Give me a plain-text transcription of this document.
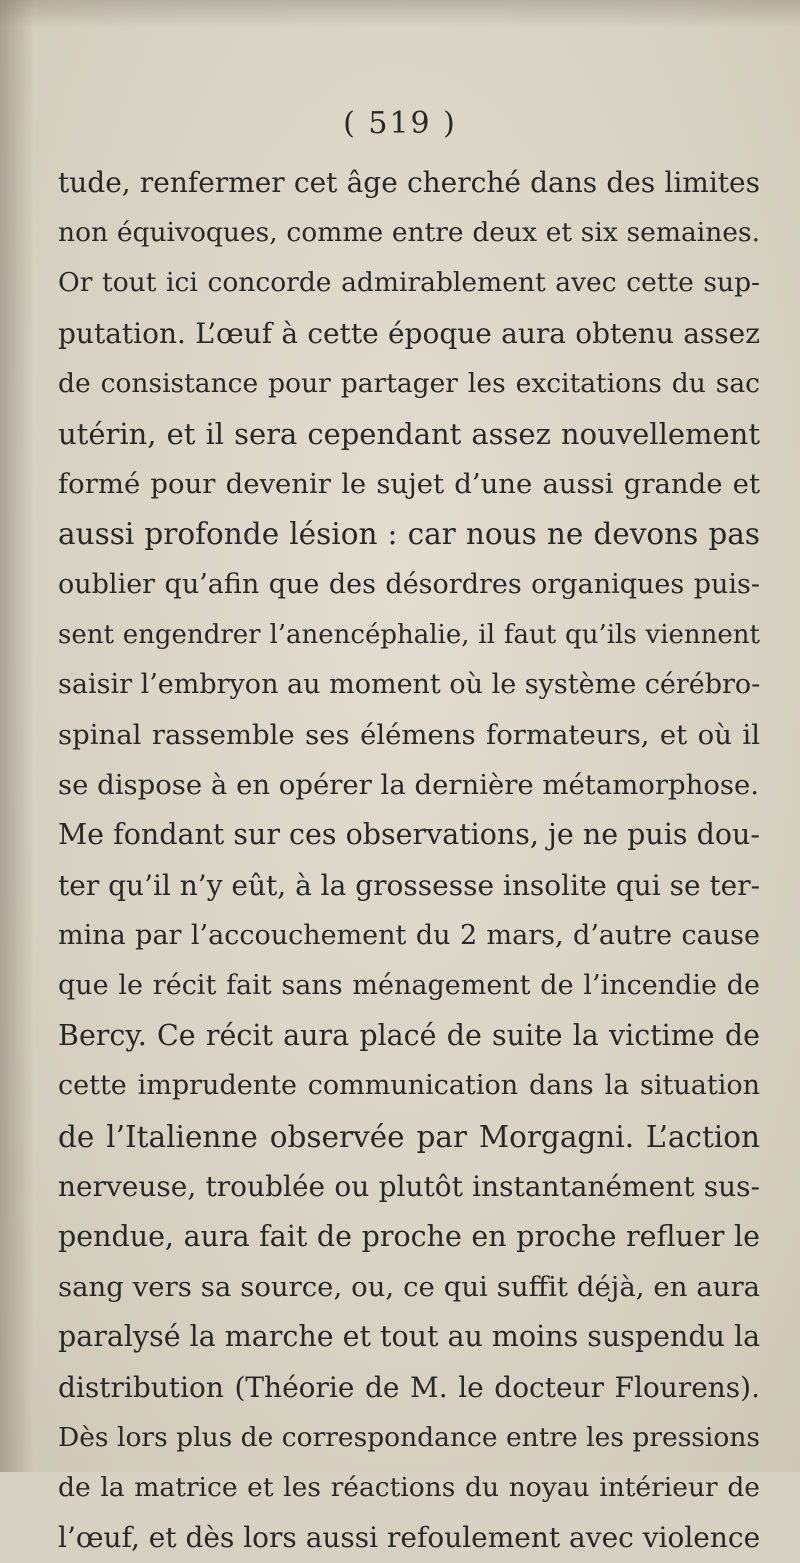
( 519 )
tude, renfermer cet âge cherché dans des limites
non équivoques, comme entre deux et six semaines.
Or tout ici concorde admirablement avec cette sup-
putation. L’œuf à cette époque aura obtenu assez
de consistance pour partager les excitations du sac
utérin, et il sera cependant assez nouvellement
formé pour devenir le sujet d’une aussi grande et
aussi profonde lésion : car nous ne devons pas
oublier qu’afin que des désordres organiques puis-
sent engendrer l’anencéphalie, il faut qu’ils viennent
saisir l’embryon au moment où le système cérébro-
spinal rassemble ses élémens formateurs, et où il
se dispose à en opérer la dernière métamorphose.
Me fondant sur ces observations, je ne puis dou-
ter qu’il n’y eût, à la grossesse insolite qui se ter-
mina par l’accouchement du 2 mars, d’autre cause
que le récit fait sans ménagement de l’incendie de
Bercy. Ce récit aura placé de suite la victime de
cette imprudente communication dans la situation
de l’Italienne observée par Morgagni. L’action
nerveuse, troublée ou plutôt instantanément sus-
pendue, aura fait de proche en proche refluer le
sang vers sa source, ou, ce qui suffit déjà, en aura
paralysé la marche et tout au moins suspendu la
distribution (Théorie de M. le docteur Flourens).
Dès lors plus de correspondance entre les pressions
de la matrice et les réactions du noyau intérieur de
l’œuf, et dès lors aussi refoulement avec violence
